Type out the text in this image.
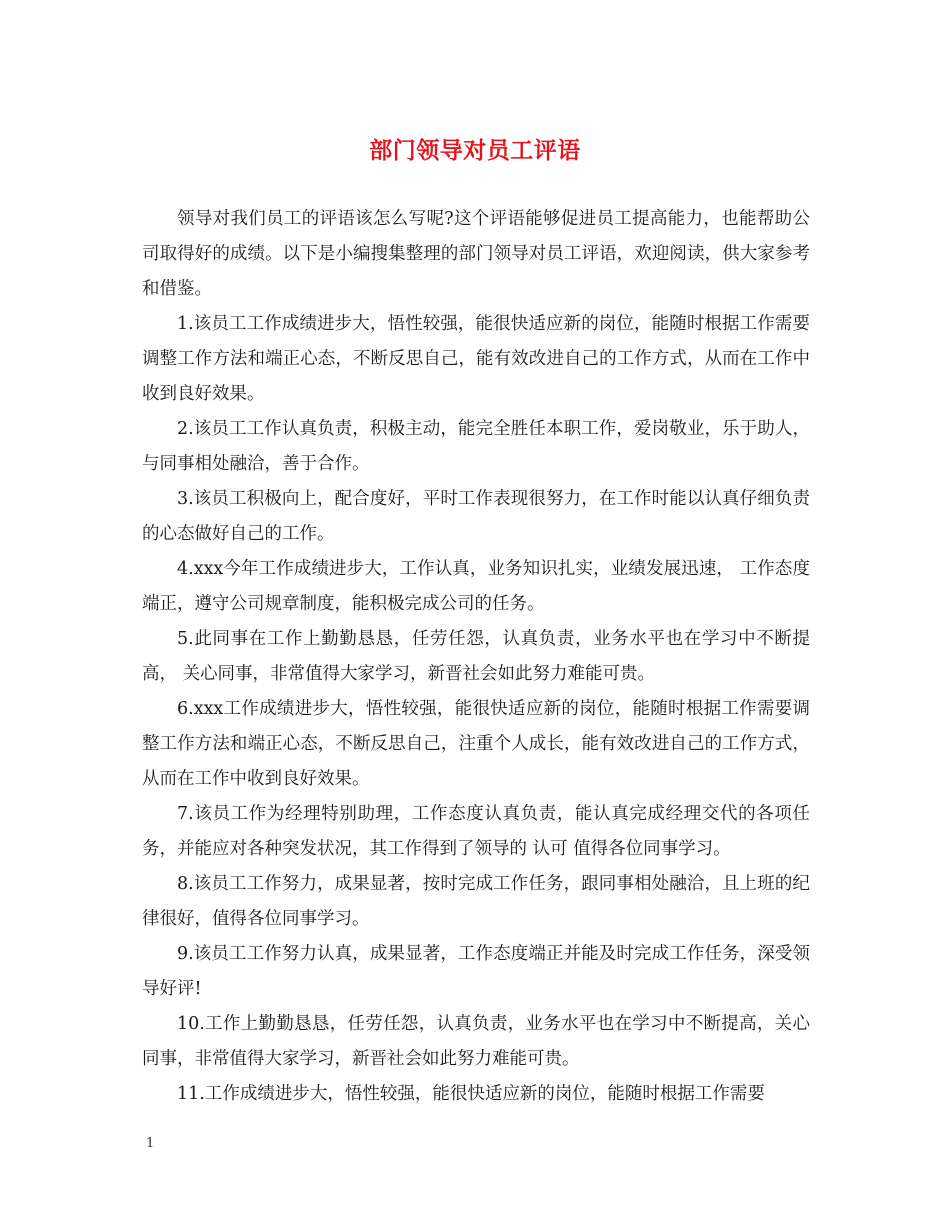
部门领导对员工评语

领导对我们员工的评语该怎么写呢?这个评语能够促进员工提高能力，也能帮助公司取得好的成绩。以下是小编搜集整理的部门领导对员工评语，欢迎阅读，供大家参考和借鉴。

1.该员工工作成绩进步大，悟性较强，能很快适应新的岗位，能随时根据工作需要调整工作方法和端正心态，不断反思自己，能有效改进自己的工作方式，从而在工作中收到良好效果。

2.该员工工作认真负责，积极主动，能完全胜任本职工作，爱岗敬业，乐于助人，与同事相处融洽，善于合作。

3.该员工积极向上，配合度好，平时工作表现很努力，在工作时能以认真仔细负责的心态做好自己的工作。

4.xxx今年工作成绩进步大，工作认真，业务知识扎实，业绩发展迅速， 工作态度端正，遵守公司规章制度，能积极完成公司的任务。

5.此同事在工作上勤勤恳恳，任劳任怨，认真负责，业务水平也在学习中不断提高， 关心同事，非常值得大家学习，新晋社会如此努力难能可贵。

6.xxx工作成绩进步大，悟性较强，能很快适应新的岗位，能随时根据工作需要调整工作方法和端正心态，不断反思自己，注重个人成长，能有效改进自己的工作方式，从而在工作中收到良好效果。

7.该员工作为经理特别助理，工作态度认真负责，能认真完成经理交代的各项任务，并能应对各种突发状况，其工作得到了领导的 认可 值得各位同事学习。

8.该员工工作努力，成果显著，按时完成工作任务，跟同事相处融洽，且上班的纪律很好，值得各位同事学习。

9.该员工工作努力认真，成果显著，工作态度端正并能及时完成工作任务，深受领导好评!

10.工作上勤勤恳恳，任劳任怨，认真负责，业务水平也在学习中不断提高，关心同事，非常值得大家学习，新晋社会如此努力难能可贵。

11.工作成绩进步大，悟性较强，能很快适应新的岗位，能随时根据工作需要

1
